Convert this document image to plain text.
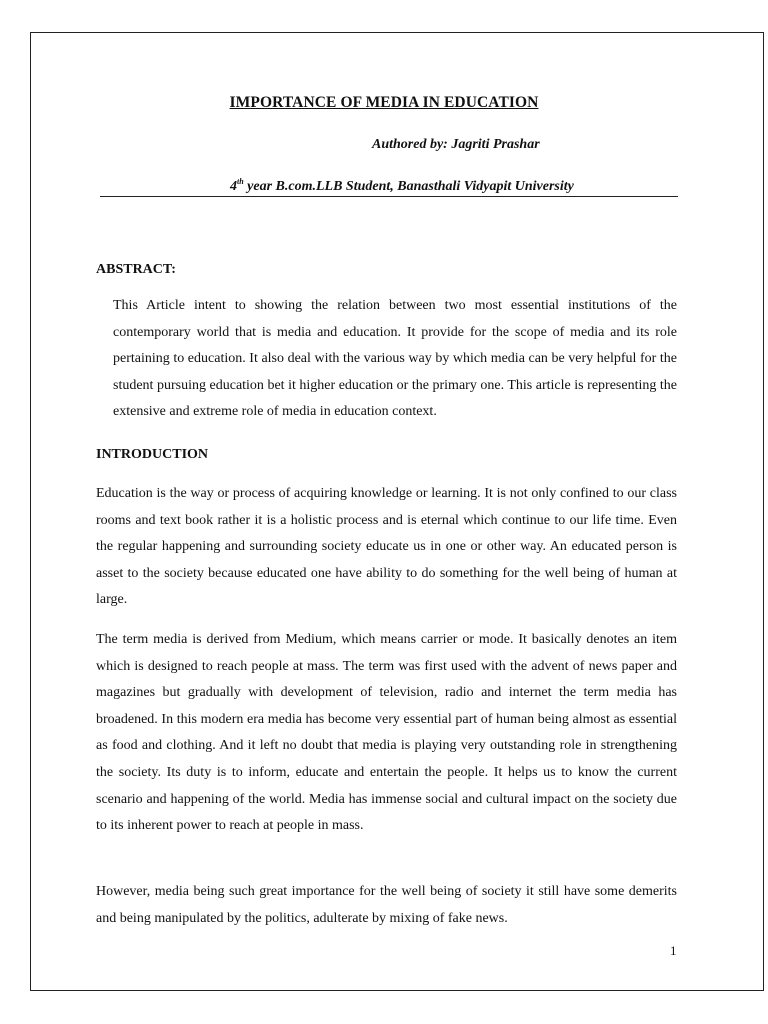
IMPORTANCE OF MEDIA IN EDUCATION
Authored by: Jagriti Prashar
4th year B.com.LLB Student, Banasthali Vidyapit University
ABSTRACT:
This Article intent to showing the relation between two most essential institutions of the contemporary world that is media and education. It provide for the scope of media and its role pertaining to education. It also deal with the various way by which media can be very helpful for the student pursuing education bet it higher education or the primary one. This article is representing the extensive and extreme role of media in education context.
INTRODUCTION
Education is the way or process of acquiring knowledge or learning. It is not only confined to our class rooms and text book rather it is a holistic process and is eternal which continue to our life time. Even the regular happening and surrounding society educate us in one or other way. An educated person is asset to the society because educated one have ability to do something for the well being of human at large.
The term media is derived from Medium, which means carrier or mode. It basically denotes an item which is designed to reach people at mass. The term was first used with the advent of news paper and magazines but gradually with development of television, radio and internet the term media has broadened. In this modern era media has become very essential part of human being almost as essential as food and clothing. And it left no doubt that media is playing very outstanding role in strengthening the society. Its duty is to inform, educate and entertain the people. It helps us to know the current scenario and happening of the world. Media has immense social and cultural impact on the society due to its inherent power to reach at people in mass.
However, media being such great importance for the well being of society it still have some demerits and being manipulated by the politics, adulterate by mixing of fake news.
1
